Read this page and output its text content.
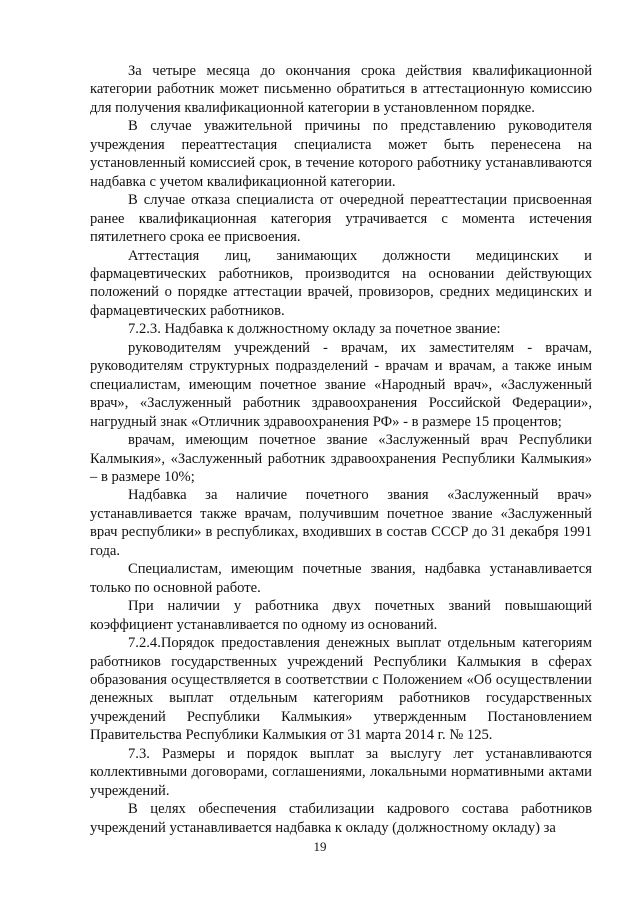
За четыре месяца до окончания срока действия квалификационной категории работник может письменно обратиться в аттестационную комиссию для получения квалификационной категории в установленном порядке.

В случае уважительной причины по представлению руководителя учреждения переаттестация специалиста может быть перенесена на установленный комиссией срок, в течение которого работнику устанавливаются надбавка с учетом квалификационной категории.

В случае отказа специалиста от очередной переаттестации присвоенная ранее квалификационная категория утрачивается с момента истечения пятилетнего срока ее присвоения.

Аттестация лиц, занимающих должности медицинских и фармацевтических работников, производится на основании действующих положений о порядке аттестации врачей, провизоров, средних медицинских и фармацевтических работников.

7.2.3. Надбавка к должностному окладу за почетное звание:

руководителям учреждений - врачам, их заместителям - врачам, руководителям структурных подразделений - врачам и врачам, а также иным специалистам, имеющим почетное звание «Народный врач», «Заслуженный врач», «Заслуженный работник здравоохранения Российской Федерации», нагрудный знак «Отличник здравоохранения РФ» - в размере 15 процентов;

врачам, имеющим почетное звание «Заслуженный врач Республики Калмыкия», «Заслуженный работник здравоохранения Республики Калмыкия» – в размере 10%;

Надбавка за наличие почетного звания «Заслуженный врач» устанавливается также врачам, получившим почетное звание «Заслуженный врач республики» в республиках, входивших в состав СССР до 31 декабря 1991 года.

Специалистам, имеющим почетные звания, надбавка устанавливается только по основной работе.

При наличии у работника двух почетных званий повышающий коэффициент устанавливается по одному из оснований.

7.2.4.Порядок предоставления денежных выплат отдельным категориям работников государственных учреждений Республики Калмыкия в сферах образования осуществляется в соответствии с Положением «Об осуществлении денежных выплат отдельным категориям работников государственных учреждений Республики Калмыкия» утвержденным Постановлением Правительства Республики Калмыкия от 31 марта 2014 г. № 125.

7.3. Размеры и порядок выплат за выслугу лет устанавливаются коллективными договорами, соглашениями, локальными нормативными актами учреждений.

В целях обеспечения стабилизации кадрового состава работников учреждений устанавливается надбавка к окладу (должностному окладу) за

19
